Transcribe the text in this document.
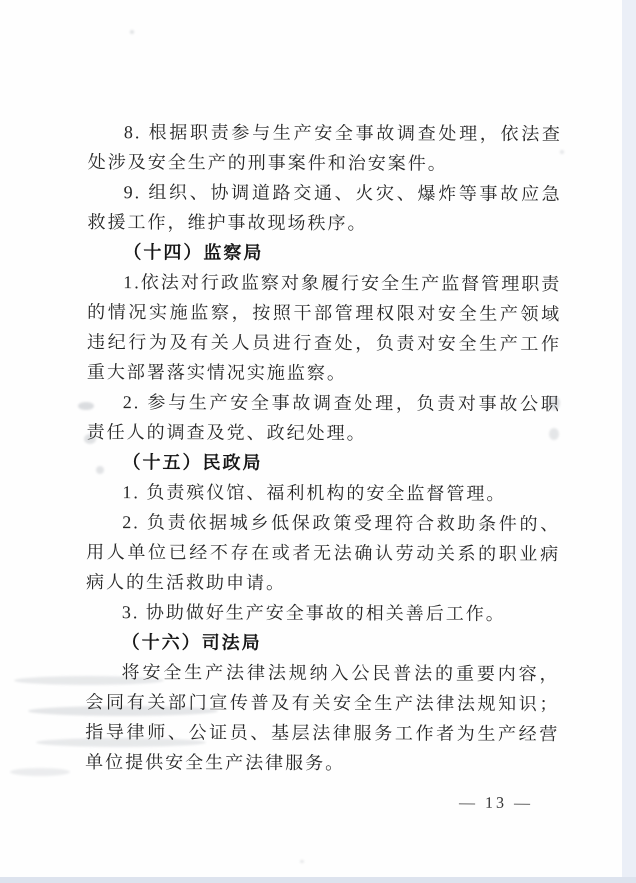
8. 根据职责参与生产安全事故调查处理，依法查处涉及安全生产的刑事案件和治安案件。

9. 组织、协调道路交通、火灾、爆炸等事故应急救援工作，维护事故现场秩序。

（十四）监察局

1.依法对行政监察对象履行安全生产监督管理职责的情况实施监察，按照干部管理权限对安全生产领域违纪行为及有关人员进行查处，负责对安全生产工作重大部署落实情况实施监察。

2. 参与生产安全事故调查处理，负责对事故公职责任人的调查及党、政纪处理。

（十五）民政局

1. 负责殡仪馆、福利机构的安全监督管理。

2. 负责依据城乡低保政策受理符合救助条件的、用人单位已经不存在或者无法确认劳动关系的职业病病人的生活救助申请。

3. 协助做好生产安全事故的相关善后工作。

（十六）司法局

将安全生产法律法规纳入公民普法的重要内容，会同有关部门宣传普及有关安全生产法律法规知识；指导律师、公证员、基层法律服务工作者为生产经营单位提供安全生产法律服务。

— 13 —
